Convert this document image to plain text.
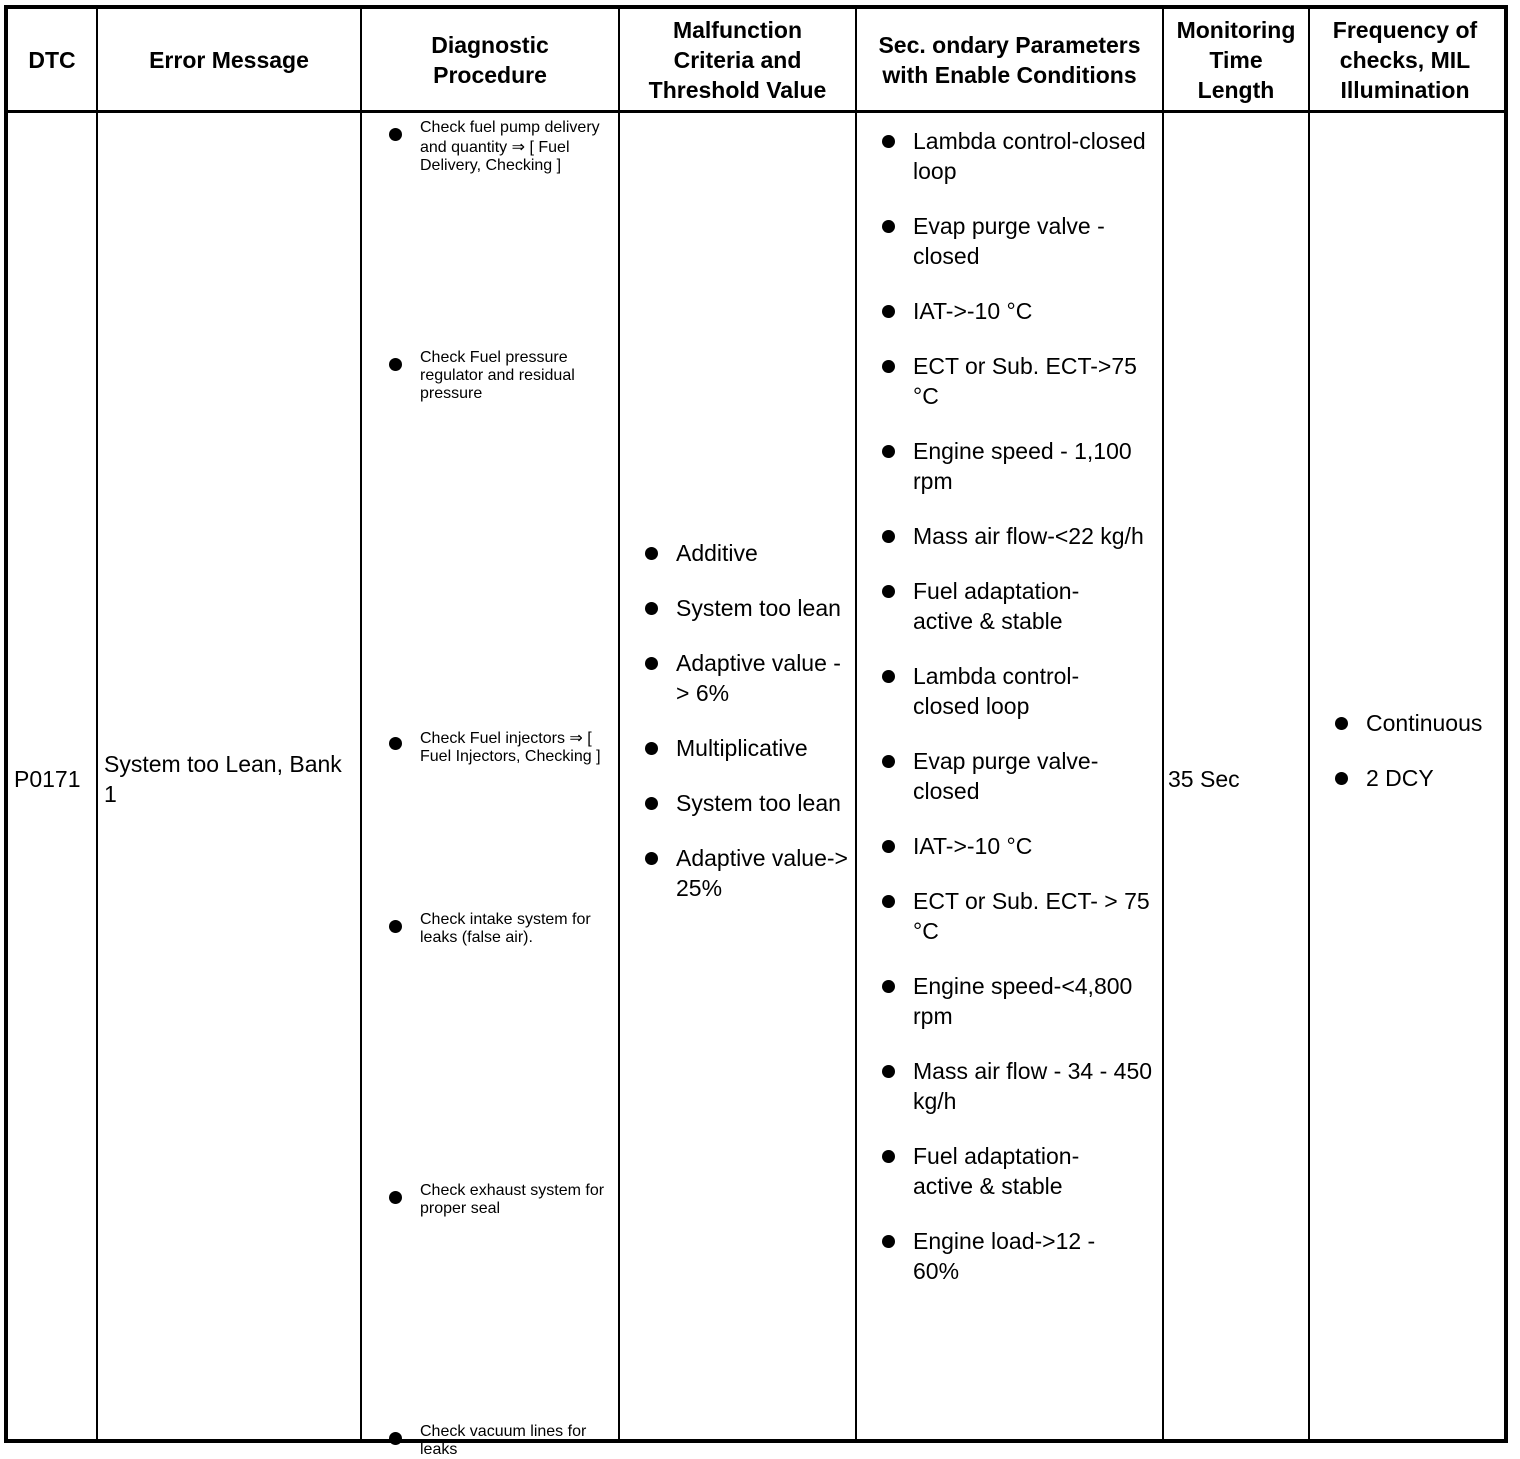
DTC	Error Message
Diagnostic Procedure
Malfunction Criteria and Threshold Value
Sec. ondary Parameters with Enable Conditions
Monitoring Time Length
Frequency of checks, MIL Illumination
P0171
System too Lean, Bank 1
Check fuel pump delivery and quantity ⇒ [ Fuel Delivery, Checking ]
Check Fuel pressure regulator and residual pressure
Check Fuel injectors ⇒ [ Fuel Injectors, Checking ]
Check intake system for leaks (false air).
Check exhaust system for proper seal
Check vacuum lines for leaks
Additive
System too lean
Adaptive value - > 6%
Multiplicative
System too lean
Adaptive value-> 25%
Lambda control-closed loop
Evap purge valve - closed
IAT->-10 °C
ECT or Sub. ECT->75 °C
Engine speed - 1,100 rpm
Mass air flow-<22 kg/h
Fuel adaptation-active & stable
Lambda control-closed loop
Evap purge valve-closed
IAT->-10 °C
ECT or Sub. ECT- > 75 °C
Engine speed-<4,800 rpm
Mass air flow - 34 - 450 kg/h
Fuel adaptation-active & stable
Engine load->12 - 60%
35 Sec
Continuous
2 DCY
